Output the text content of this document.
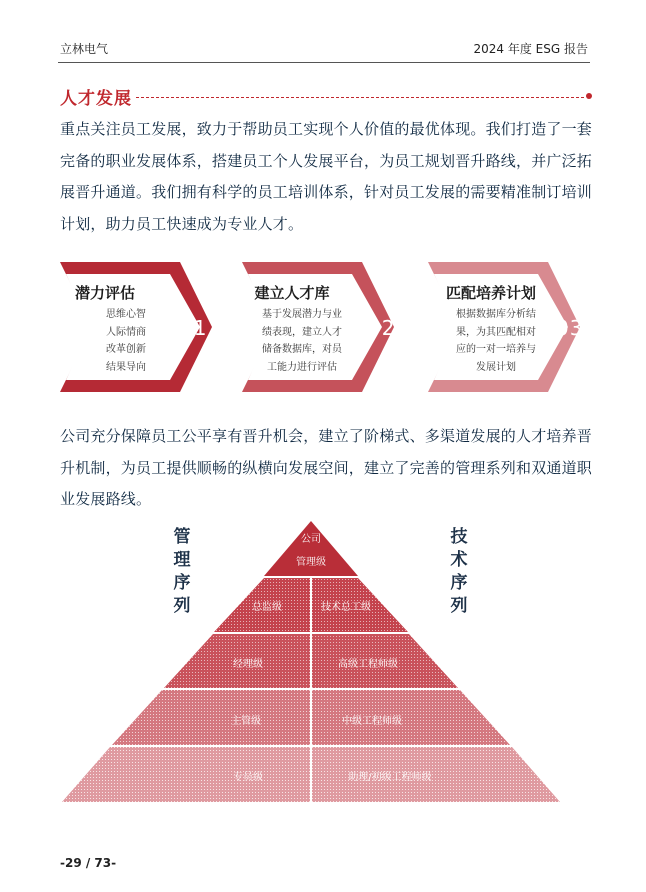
立林电气	2024 年度 ESG 报告
人才发展

重点关注员工发展，致力于帮助员工实现个人价值的最优体现。我们打造了一套完备的职业发展体系，搭建员工个人发展平台，为员工规划晋升路线，并广泛拓展晋升通道。我们拥有科学的员工培训体系，针对员工发展的需要精准制订培训计划，助力员工快速成为专业人才。

潜力评估
思维心智
人际情商
改革创新
结果导向
01
建立人才库
基于发展潜力与业
绩表现，建立人才
储备数据库，对员
工能力进行评估
02
匹配培养计划
根据数据库分析结
果，为其匹配相对
应的一对一培养与
发展计划
03

公司充分保障员工公平享有晋升机会，建立了阶梯式、多渠道发展的人才培养晋升机制，为员工提供顺畅的纵横向发展空间，建立了完善的管理系列和双通道职业发展路线。

管理序列
技术序列
公司
管理级
总监级	技术总工级
经理级	高级工程师级
主管级	中级工程师级
专员级	助理/初级工程师级
-29 / 73-
